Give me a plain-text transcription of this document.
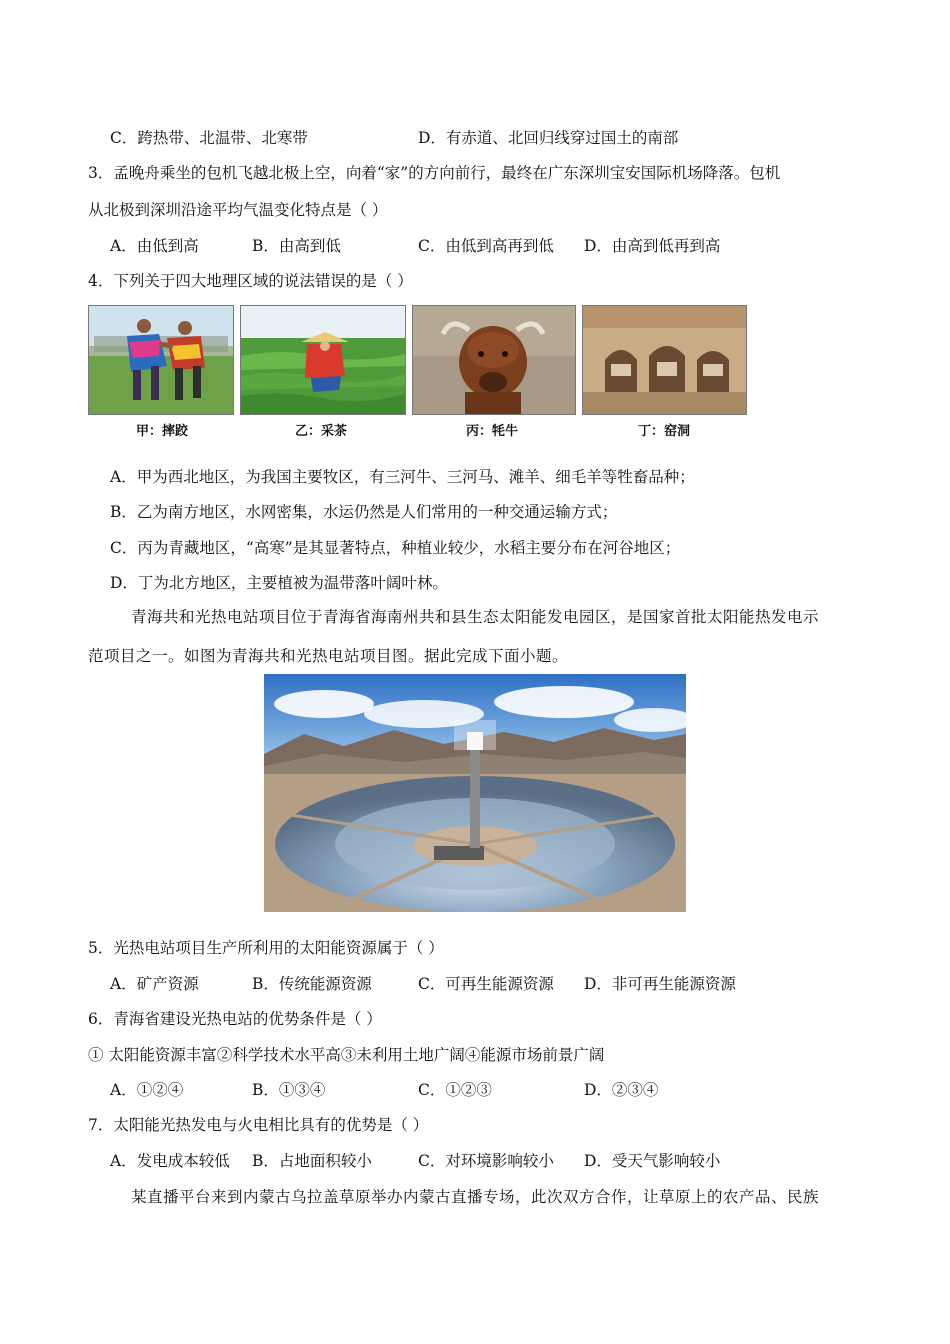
C．跨热带、北温带、北寒带	D．有赤道、北回归线穿过国土的南部
3．孟晚舟乘坐的包机飞越北极上空，向着“家”的方向前行，最终在广东深圳宝安国际机场降落。包机
从北极到深圳沿途平均气温变化特点是（ ）
A．由低到高	B．由高到低	C．由低到高再到低 D．由高到低再到高
4．下列关于四大地理区域的说法错误的是（ ）
甲：摔跤	乙：采茶	丙：牦牛	丁：窑洞
A．甲为西北地区，为我国主要牧区，有三河牛、三河马、滩羊、细毛羊等牲畜品种；
B．乙为南方地区，水网密集，水运仍然是人们常用的一种交通运输方式；
C．丙为青藏地区，“高寒”是其显著特点，种植业较少，水稻主要分布在河谷地区；
D．丁为北方地区，主要植被为温带落叶阔叶林。
青海共和光热电站项目位于青海省海南州共和县生态太阳能发电园区，是国家首批太阳能热发电示
范项目之一。如图为青海共和光热电站项目图。据此完成下面小题。
5．光热电站项目生产所利用的太阳能资源属于（ ）
A．矿产资源	B．传统能源资源	C．可再生能源资源 D．非可再生能源资源
6．青海省建设光热电站的优势条件是（ ）
① 太阳能资源丰富②科学技术水平高③未利用土地广阔④能源市场前景广阔
A．①②④	B．①③④	C．①②③	D．②③④
7．太阳能光热发电与火电相比具有的优势是（ ）
A．发电成本较低 B．占地面积较小	C．对环境影响较小 D．受天气影响较小
某直播平台来到内蒙古乌拉盖草原举办内蒙古直播专场，此次双方合作，让草原上的农产品、民族
